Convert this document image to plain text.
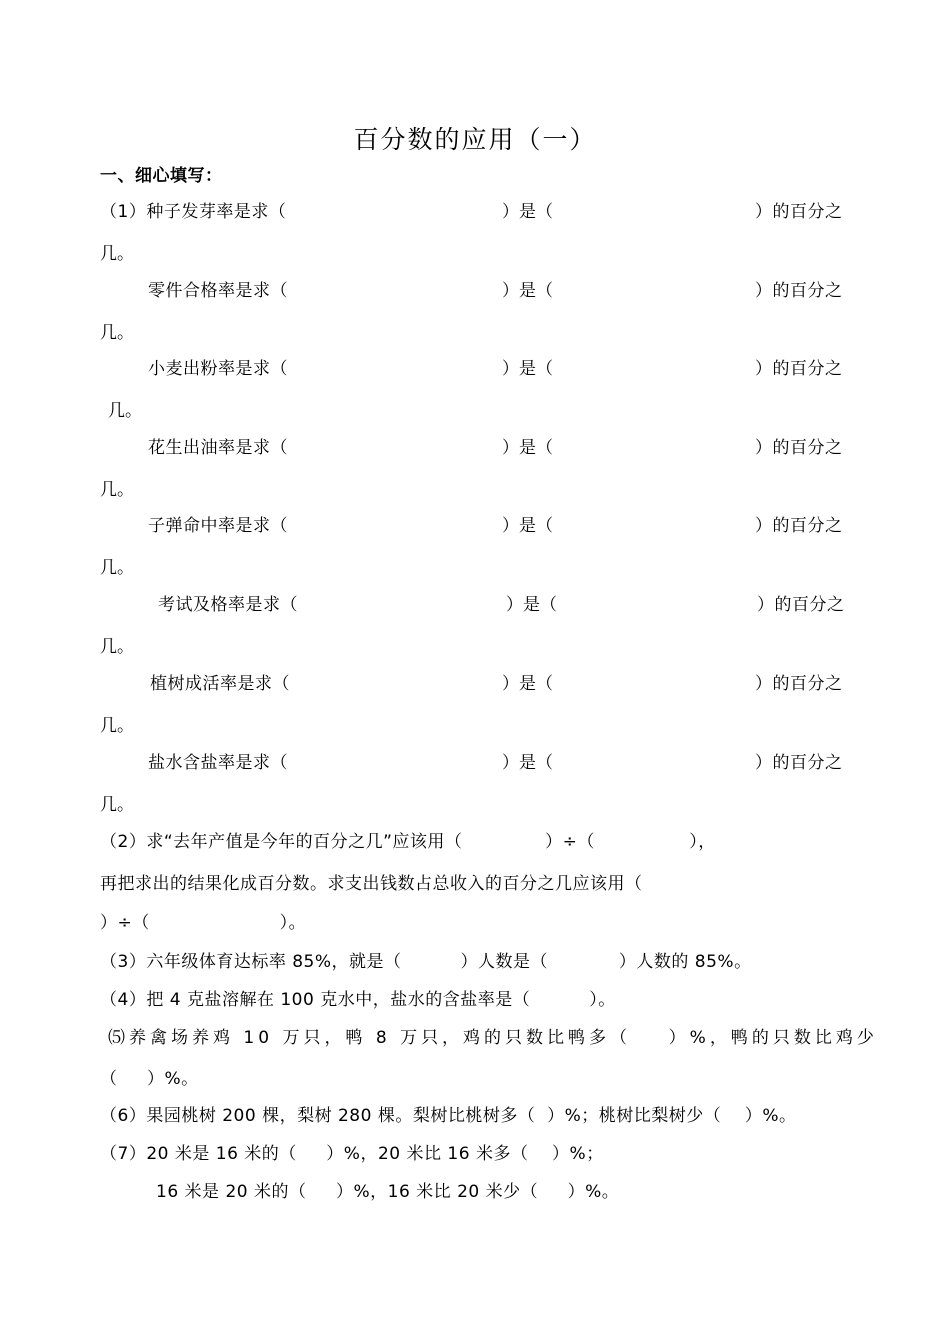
百分数的应用（一）
一、细心填写：
（1）种子发芽率是求（	）是（	）的百分之
几。
零件合格率是求（	）是（	）的百分之
几。
小麦出粉率是求（	）是（	）的百分之
几。
花生出油率是求（	）是（	）的百分之
几。
子弹命中率是求（	）是（	）的百分之
几。
考试及格率是求（	）是（	）的百分之
几。
植树成活率是求（	）是（	）的百分之
几。
盐水含盐率是求（	）是（	）的百分之
几。
（2）求“去年产值是今年的百分之几”应该用（              ）÷（                ），
再把求出的结果化成百分数。求支出钱数占总收入的百分之几应该用（
）÷（                      ）。
（3）六年级体育达标率 85%，就是（          ）人数是（            ）人数的 85%。
（4）把 4 克盐溶解在 100 克水中，盐水的含盐率是（          ）。
⑸养禽场养鸡 10 万只，鸭 8 万只，鸡的只数比鸭多（    ）%，鸭的只数比鸡少
（     ）%。
（6）果园桃树 200 棵，梨树 280 棵。梨树比桃树多（  ）%；桃树比梨树少（    ）%。
（7）20 米是 16 米的（     ）%，20 米比 16 米多（    ）%；
16 米是 20 米的（     ）%，16 米比 20 米少（     ）%。
